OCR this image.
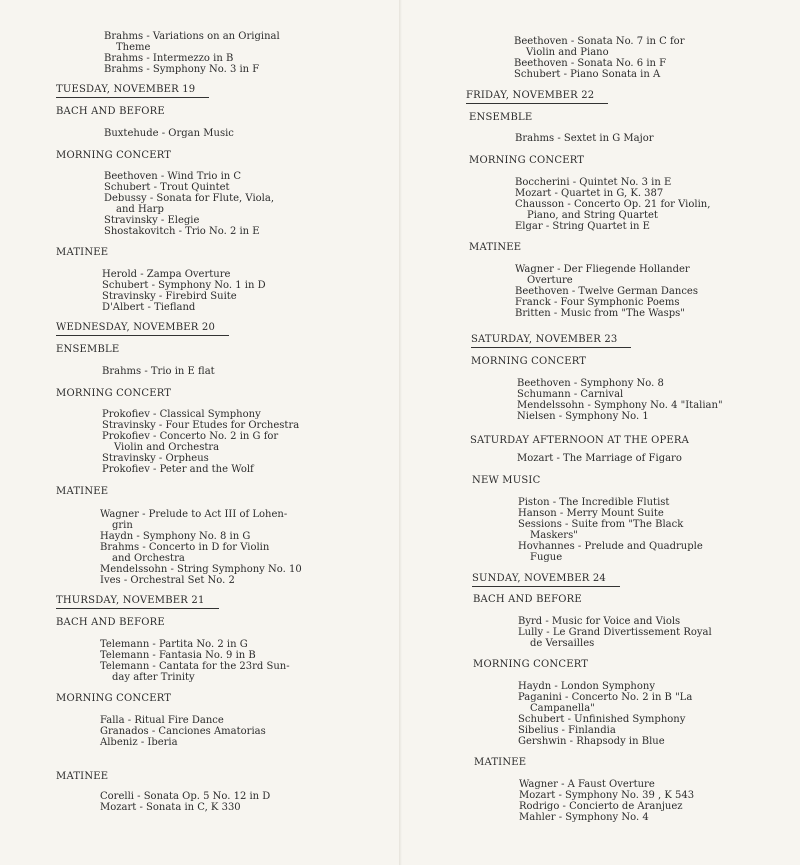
Brahms - Variations on an Original
Theme
Brahms - Intermezzo in B
Brahms - Symphony No. 3 in F
TUESDAY, NOVEMBER 19
BACH AND BEFORE
Buxtehude - Organ Music
MORNING CONCERT
Beethoven - Wind Trio in C
Schubert - Trout Quintet
Debussy - Sonata for Flute, Viola,
and Harp
Stravinsky - Elegie
Shostakovitch - Trio No. 2 in E
MATINEE
Herold - Zampa Overture
Schubert - Symphony No. 1 in D
Stravinsky - Firebird Suite
D'Albert - Tiefland
WEDNESDAY, NOVEMBER 20
ENSEMBLE
Brahms - Trio in E flat
MORNING CONCERT
Prokofiev - Classical Symphony
Stravinsky - Four Etudes for Orchestra
Prokofiev - Concerto No. 2 in G for
Violin and Orchestra
Stravinsky - Orpheus
Prokofiev - Peter and the Wolf
MATINEE
Wagner - Prelude to Act III of Lohen-
grin
Haydn - Symphony No. 8 in G
Brahms - Concerto in D for Violin
and Orchestra
Mendelssohn - String Symphony No. 10
Ives - Orchestral Set No. 2
THURSDAY, NOVEMBER 21
BACH AND BEFORE
Telemann - Partita No. 2 in G
Telemann - Fantasia No. 9 in B
Telemann - Cantata for the 23rd Sun-
day after Trinity
MORNING CONCERT
Falla - Ritual Fire Dance
Granados - Canciones Amatorias
Albeniz - Iberia
MATINEE
Corelli - Sonata Op. 5 No. 12 in D
Mozart - Sonata in C, K 330
Beethoven - Sonata No. 7 in C for
Violin and Piano
Beethoven - Sonata No. 6 in F
Schubert - Piano Sonata in A
FRIDAY, NOVEMBER 22
ENSEMBLE
Brahms - Sextet in G Major
MORNING CONCERT
Boccherini - Quintet No. 3 in E
Mozart - Quartet in G, K. 387
Chausson - Concerto Op. 21 for Violin,
Piano, and String Quartet
Elgar - String Quartet in E
MATINEE
Wagner - Der Fliegende Hollander
Overture
Beethoven - Twelve German Dances
Franck - Four Symphonic Poems
Britten - Music from "The Wasps"
SATURDAY, NOVEMBER 23
MORNING CONCERT
Beethoven - Symphony No. 8
Schumann - Carnival
Mendelssohn - Symphony No. 4 "Italian"
Nielsen - Symphony No. 1
SATURDAY AFTERNOON AT THE OPERA
Mozart - The Marriage of Figaro
NEW MUSIC
Piston - The Incredible Flutist
Hanson - Merry Mount Suite
Sessions - Suite from "The Black
Maskers"
Hovhannes - Prelude and Quadruple
Fugue
SUNDAY, NOVEMBER 24
BACH AND BEFORE
Byrd - Music for Voice and Viols
Lully - Le Grand Divertissement Royal
de Versailles
MORNING CONCERT
Haydn - London Symphony
Paganini - Concerto No. 2 in B "La
Campanella"
Schubert - Unfinished Symphony
Sibelius - Finlandia
Gershwin - Rhapsody in Blue
MATINEE
Wagner - A Faust Overture
Mozart - Symphony No. 39 , K 543
Rodrigo - Concierto de Aranjuez
Mahler - Symphony No. 4
